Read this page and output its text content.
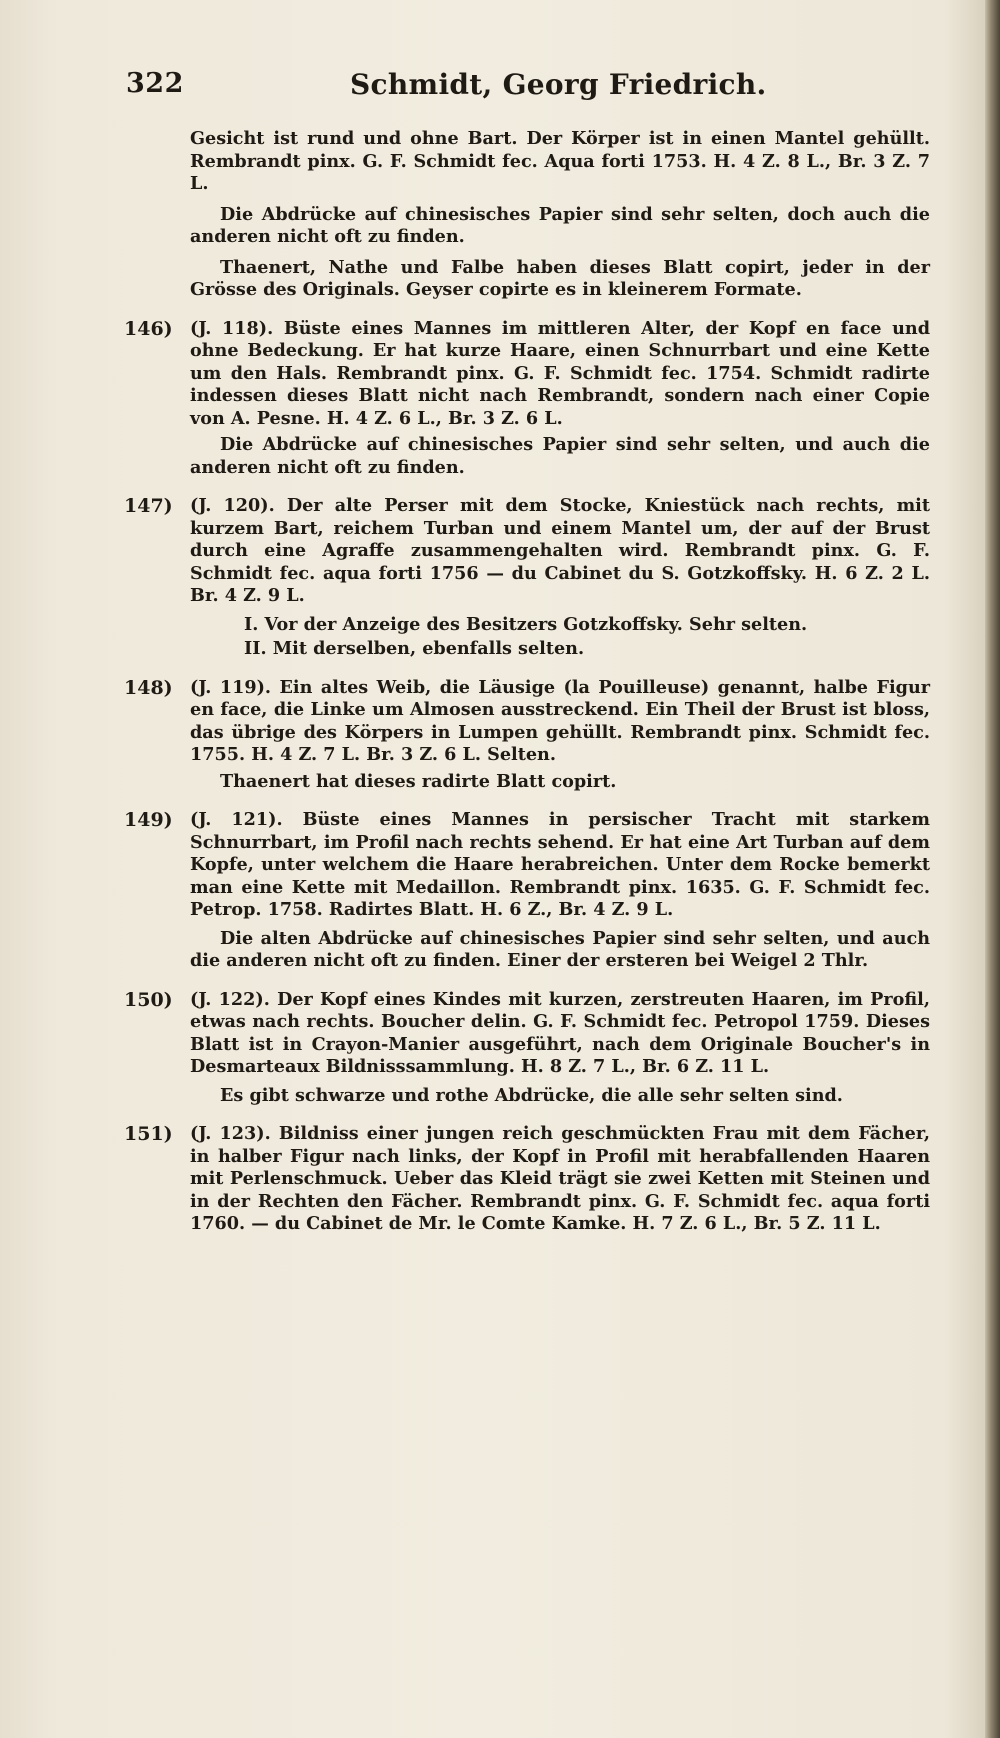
322	Schmidt, Georg Friedrich.

Gesicht ist rund und ohne Bart. Der Körper ist in einen Mantel gehüllt. Rembrandt pinx. G. F. Schmidt fec. Aqua forti 1753. H. 4 Z. 8 L., Br. 3 Z. 7 L.

Die Abdrücke auf chinesisches Papier sind sehr selten, doch auch die anderen nicht oft zu finden.

Thaenert, Nathe und Falbe haben dieses Blatt copirt, jeder in der Grösse des Originals. Geyser copirte es in kleinerem Formate.

146) (J. 118). Büste eines Mannes im mittleren Alter, der Kopf en face und ohne Bedeckung. Er hat kurze Haare, einen Schnurrbart und eine Kette um den Hals. Rembrandt pinx. G. F. Schmidt fec. 1754. Schmidt radirte indessen dieses Blatt nicht nach Rembrandt, sondern nach einer Copie von A. Pesne. H. 4 Z. 6 L., Br. 3 Z. 6 L.

Die Abdrücke auf chinesisches Papier sind sehr selten, und auch die anderen nicht oft zu finden.

147) (J. 120). Der alte Perser mit dem Stocke, Kniestück nach rechts, mit kurzem Bart, reichem Turban und einem Mantel um, der auf der Brust durch eine Agraffe zusammengehalten wird. Rembrandt pinx. G. F. Schmidt fec. aqua forti 1756 — du Cabinet du S. Gotzkoffsky. H. 6 Z. 2 L. Br. 4 Z. 9 L.

I. Vor der Anzeige des Besitzers Gotzkoffsky. Sehr selten.

II. Mit derselben, ebenfalls selten.

148) (J. 119). Ein altes Weib, die Läusige (la Pouilleuse) genannt, halbe Figur en face, die Linke um Almosen ausstreckend. Ein Theil der Brust ist bloss, das übrige des Körpers in Lumpen gehüllt. Rembrandt pinx. Schmidt fec. 1755. H. 4 Z. 7 L. Br. 3 Z. 6 L. Selten.

Thaenert hat dieses radirte Blatt copirt.

149) (J. 121). Büste eines Mannes in persischer Tracht mit starkem Schnurrbart, im Profil nach rechts sehend. Er hat eine Art Turban auf dem Kopfe, unter welchem die Haare herabreichen. Unter dem Rocke bemerkt man eine Kette mit Medaillon. Rembrandt pinx. 1635. G. F. Schmidt fec. Petrop. 1758. Radirtes Blatt. H. 6 Z., Br. 4 Z. 9 L.

Die alten Abdrücke auf chinesisches Papier sind sehr selten, und auch die anderen nicht oft zu finden. Einer der ersteren bei Weigel 2 Thlr.

150) (J. 122). Der Kopf eines Kindes mit kurzen, zerstreuten Haaren, im Profil, etwas nach rechts. Boucher delin. G. F. Schmidt fec. Petropol 1759. Dieses Blatt ist in Crayon-Manier ausgeführt, nach dem Originale Boucher's in Desmarteaux Bildnisssammlung. H. 8 Z. 7 L., Br. 6 Z. 11 L.

Es gibt schwarze und rothe Abdrücke, die alle sehr selten sind.

151) (J. 123). Bildniss einer jungen reich geschmückten Frau mit dem Fächer, in halber Figur nach links, der Kopf in Profil mit herabfallenden Haaren mit Perlenschmuck. Ueber das Kleid trägt sie zwei Ketten mit Steinen und in der Rechten den Fächer. Rembrandt pinx. G. F. Schmidt fec. aqua forti 1760. — du Cabinet de Mr. le Comte Kamke. H. 7 Z. 6 L., Br. 5 Z. 11 L.
